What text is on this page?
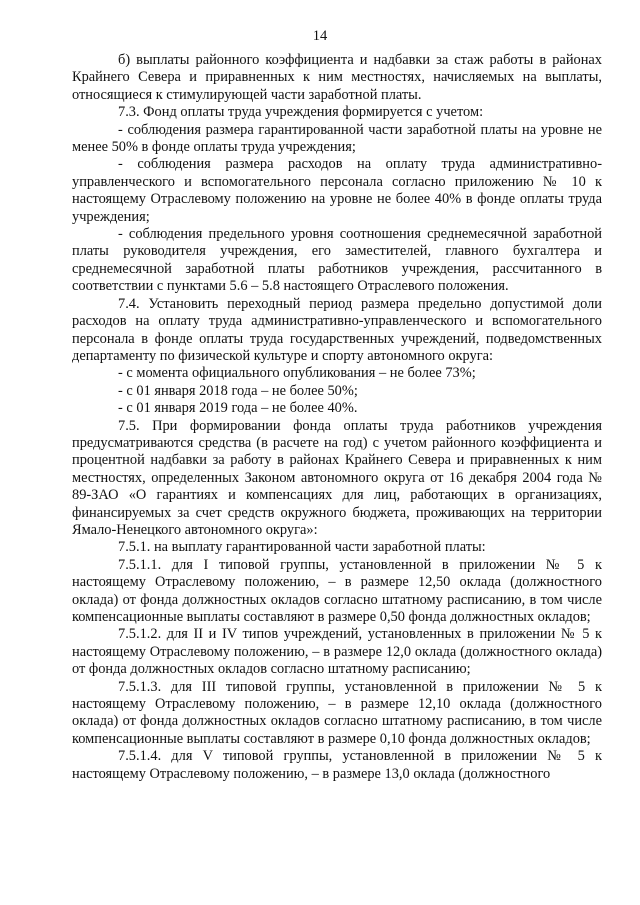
14

б) выплаты районного коэффициента и надбавки за стаж работы в районах Крайнего Севера и приравненных к ним местностях, начисляемых на выплаты, относящиеся к стимулирующей части заработной платы.

7.3. Фонд оплаты труда учреждения формируется с учетом:

- соблюдения размера гарантированной части заработной платы на уровне не менее 50% в фонде оплаты труда учреждения;

- соблюдения размера расходов на оплату труда административно-управленческого и вспомогательного персонала согласно приложению № 10 к настоящему Отраслевому положению на уровне не более 40% в фонде оплаты труда учреждения;

- соблюдения предельного уровня соотношения среднемесячной заработной платы руководителя учреждения, его заместителей, главного бухгалтера и среднемесячной заработной платы работников учреждения, рассчитанного в соответствии с пунктами 5.6 – 5.8 настоящего Отраслевого положения.

7.4. Установить переходный период размера предельно допустимой доли расходов на оплату труда административно-управленческого и вспомогательного персонала в фонде оплаты труда государственных учреждений, подведомственных департаменту по физической культуре и спорту автономного округа:

- с момента официального опубликования – не более 73%;

- с 01 января 2018 года – не более 50%;

- с 01 января 2019 года – не более 40%.

7.5. При формировании фонда оплаты труда работников учреждения предусматриваются средства (в расчете на год) с учетом районного коэффициента и процентной надбавки за работу в районах Крайнего Севера и приравненных к ним местностях, определенных Законом автономного округа от 16 декабря 2004 года № 89-ЗАО «О гарантиях и компенсациях для лиц, работающих в организациях, финансируемых за счет средств окружного бюджета, проживающих на территории Ямало-Ненецкого автономного округа»:

7.5.1. на выплату гарантированной части заработной платы:

7.5.1.1. для I типовой группы, установленной в приложении № 5 к настоящему Отраслевому положению, – в размере 12,50 оклада (должностного оклада) от фонда должностных окладов согласно штатному расписанию, в том числе компенсационные выплаты составляют в размере 0,50 фонда должностных окладов;

7.5.1.2. для II и IV типов учреждений, установленных в приложении № 5 к настоящему Отраслевому положению, – в размере 12,0 оклада (должностного оклада) от фонда должностных окладов согласно штатному расписанию;

7.5.1.3. для III типовой группы, установленной в приложении № 5 к настоящему Отраслевому положению, – в размере 12,10 оклада (должностного оклада) от фонда должностных окладов согласно штатному расписанию, в том числе компенсационные выплаты составляют в размере 0,10 фонда должностных окладов;

7.5.1.4. для V типовой группы, установленной в приложении № 5 к настоящему Отраслевому положению, – в размере 13,0 оклада (должностного
